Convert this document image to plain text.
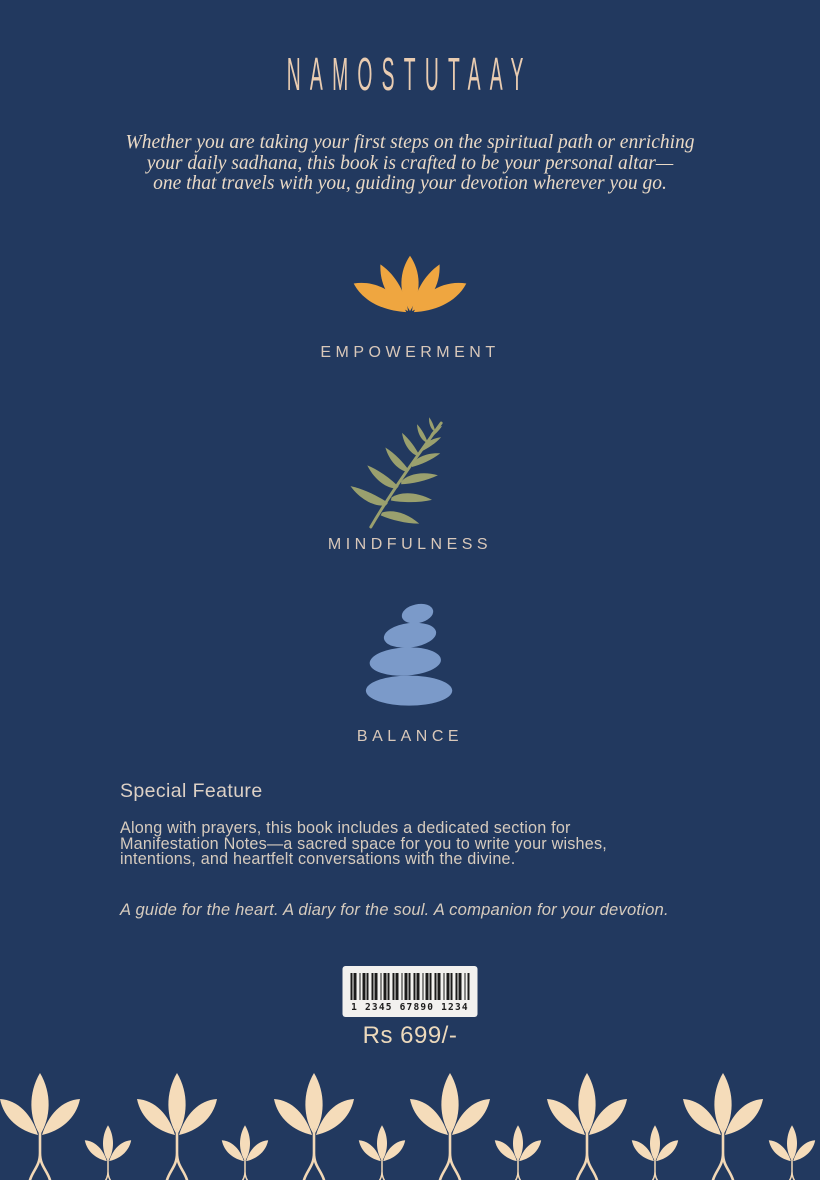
NAMOSTUTAAY
Whether you are taking your first steps on the spiritual path or enriching
your daily sadhana, this book is crafted to be your personal altar—
one that travels with you, guiding your devotion wherever you go.
EMPOWERMENT
MINDFULNESS
BALANCE
Special Feature
Along with prayers, this book includes a dedicated section for
Manifestation Notes—a sacred space for you to write your wishes,
intentions, and heartfelt conversations with the divine.
A guide for the heart. A diary for the soul. A companion for your devotion.
1 2345 67890 1234
Rs 699/-
